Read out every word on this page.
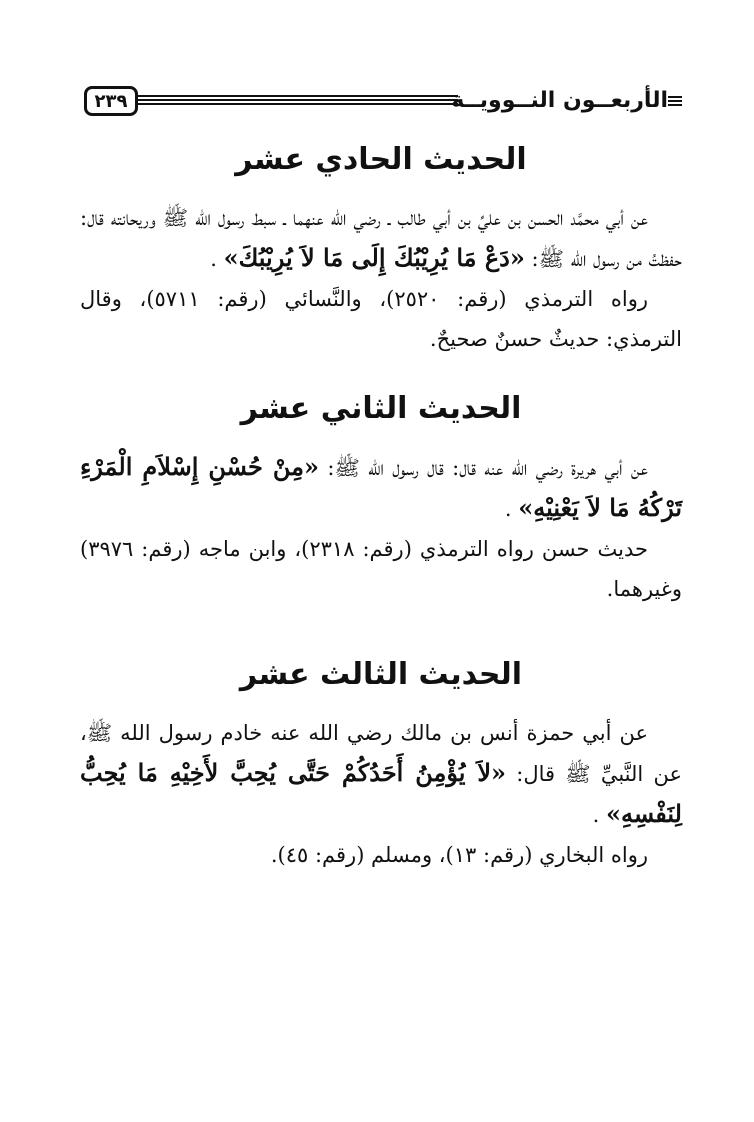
٢٣٩	الأربعــون النــوويــة
الحديث الحادي عشر

عن أبي محمَّد الحسن بن عليِّ بن أبي طالب ـ رضي الله عنهما ـ سبط رسول الله ﷺ وريحانته قال: حفظتُ من رسول الله ﷺ: «دَعْ مَا يُرِيْبُكَ إِلَى مَا لاَ يُرِيْبُكَ» .

رواه الترمذي (رقم: ٢٥٢٠)، والنَّسائي (رقم: ٥٧١١)، وقال الترمذي: حديثٌ حسنٌ صحيحٌ.

الحديث الثاني عشر

عن أبي هريرة رضي الله عنه قال: قال رسول الله ﷺ: «مِنْ حُسْنِ إِسْلاَمِ الْمَرْءِ تَرْكُهُ مَا لاَ يَعْنِيْهِ» .

حديث حسن رواه الترمذي (رقم: ٢٣١٨)، وابن ماجه (رقم: ٣٩٧٦) وغيرهما.

الحديث الثالث عشر

عن أبي حمزة أنس بن مالك رضي الله عنه خادم رسول الله ﷺ، عن النَّبيِّ ﷺ قال: «لاَ يُؤْمِنُ أَحَدُكُمْ حَتَّى يُحِبَّ لأَخِيْهِ مَا يُحِبُّ لِنَفْسِهِ» .

رواه البخاري (رقم: ١٣)، ومسلم (رقم: ٤٥).
